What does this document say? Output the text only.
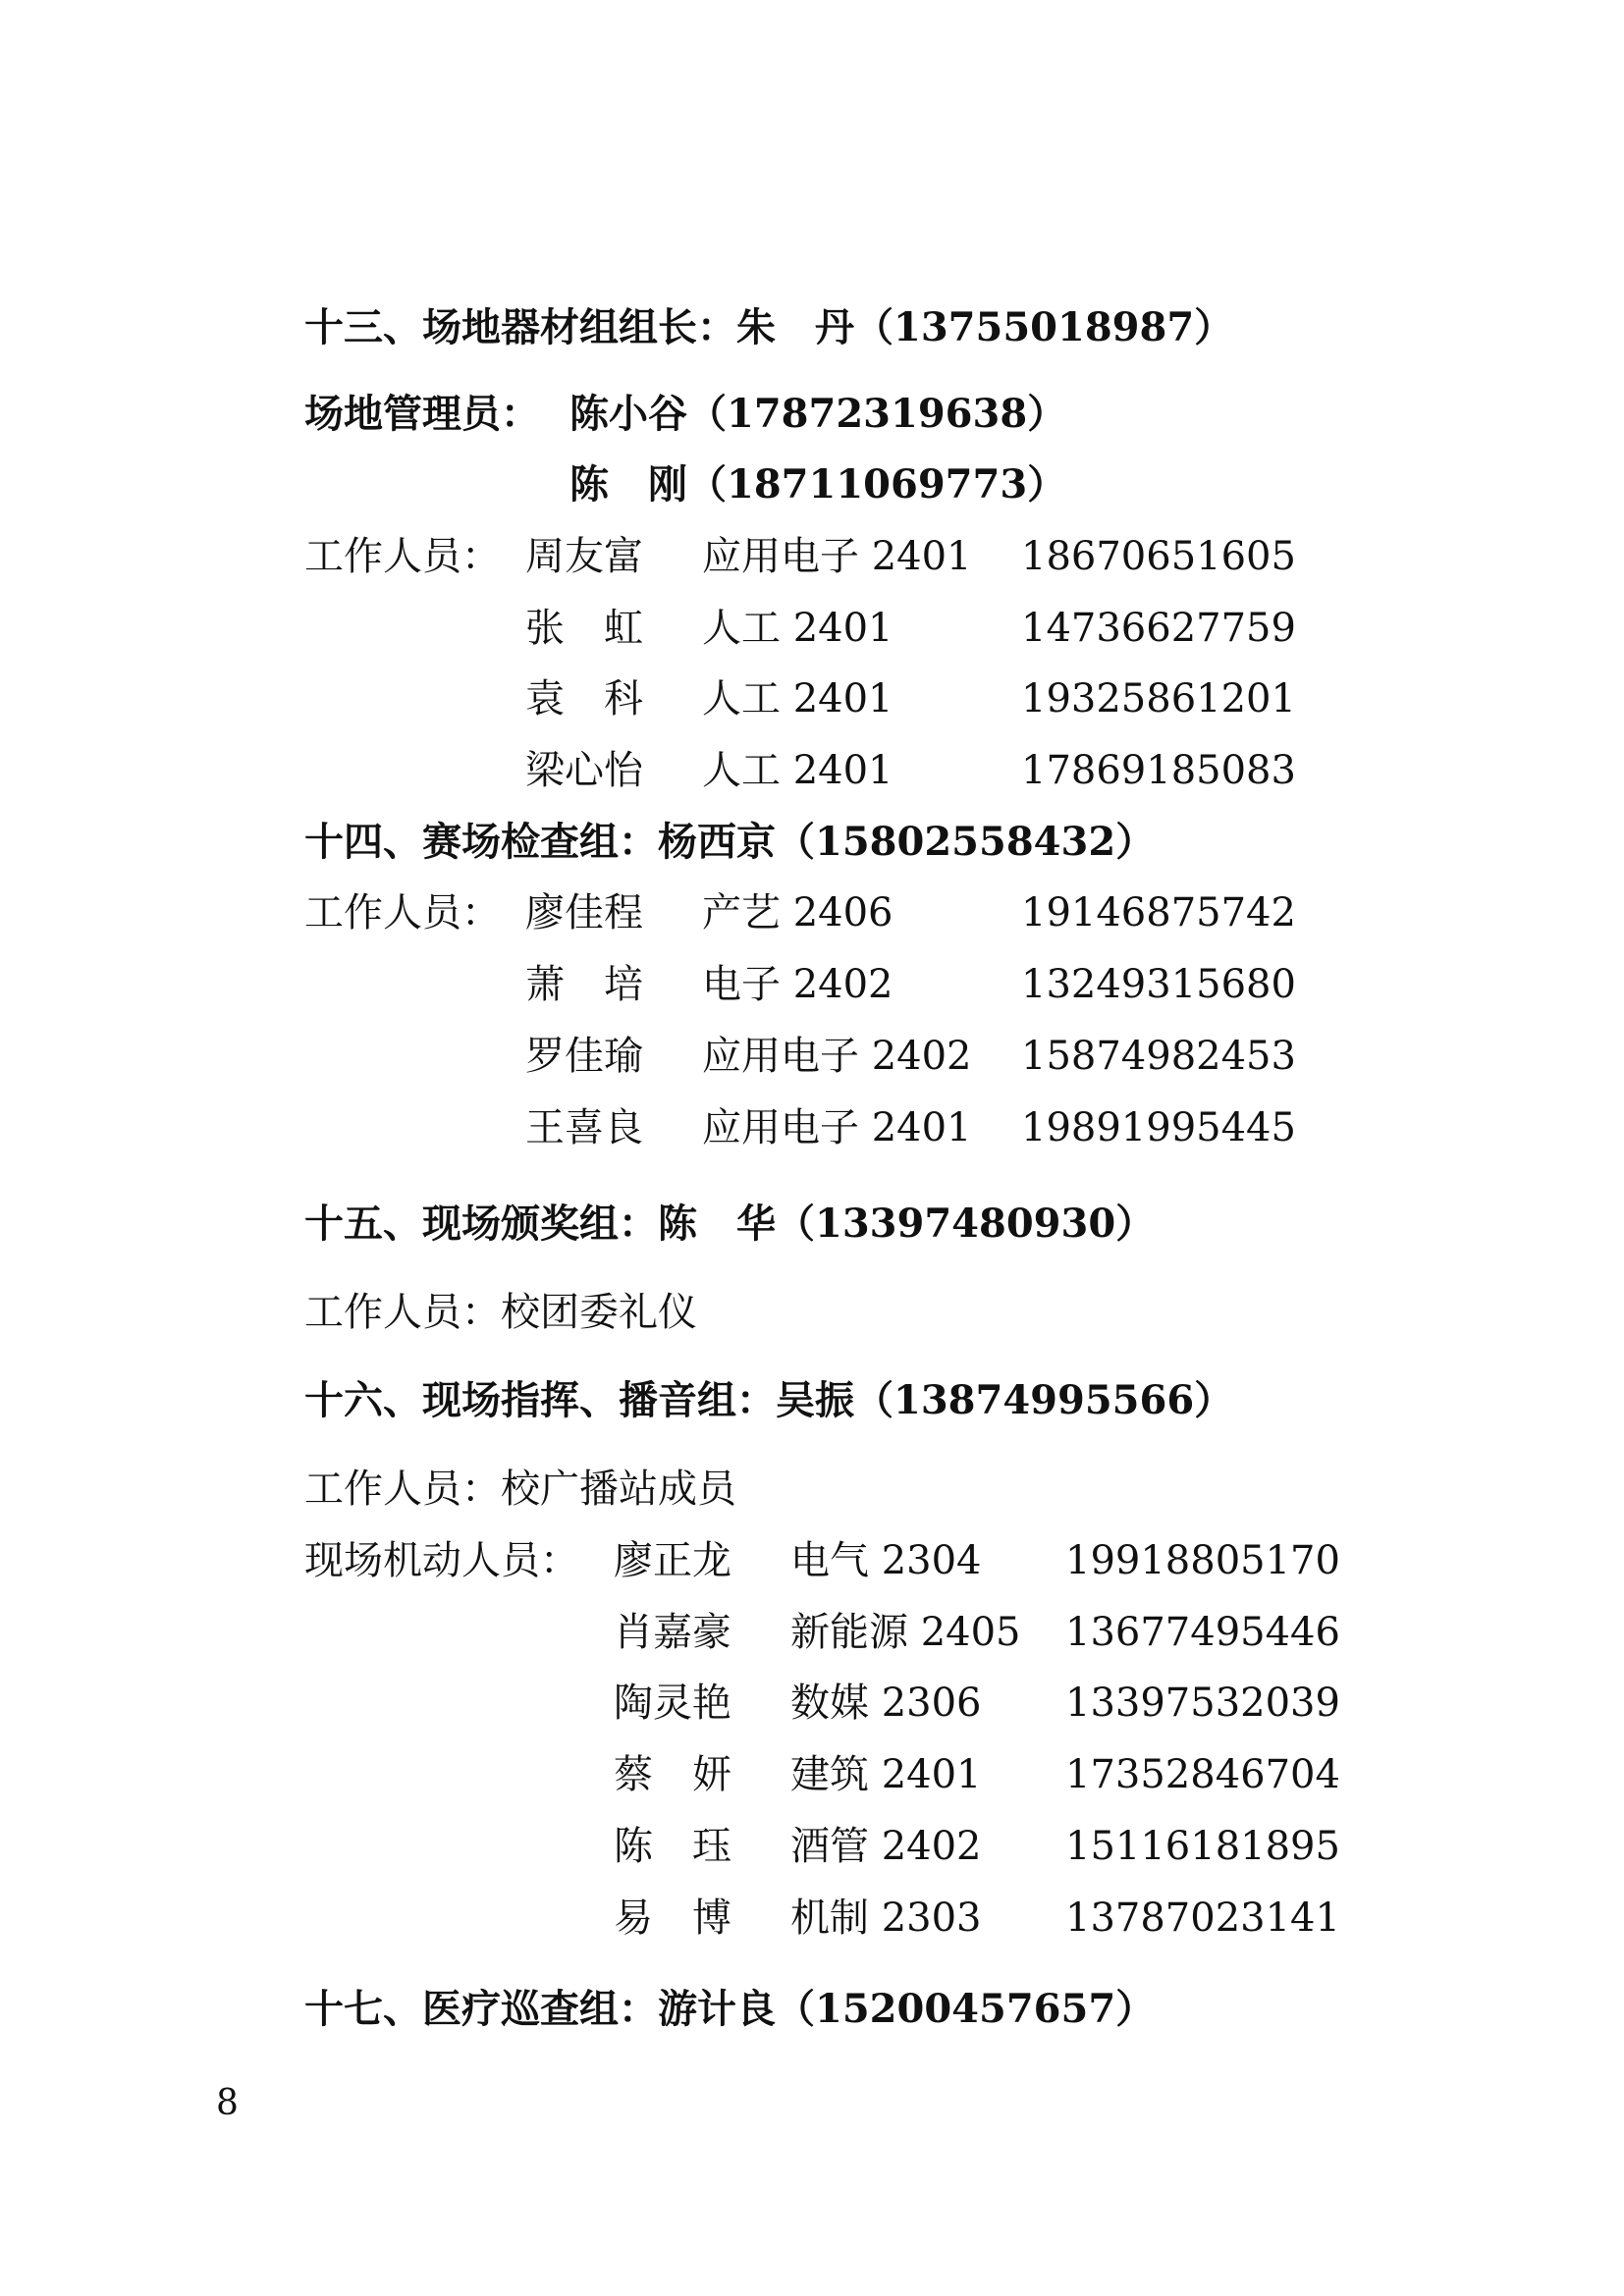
十三、场地器材组组长：朱　丹（13755018987）
场地管理员： 陈小谷（17872319638）
陈　刚（18711069773）
工作人员： 周友富 应用电子 2401 18670651605
张　虹 人工 2401	14736627759
袁　科 人工 2401	19325861201
梁心怡 人工 2401	17869185083
十四、赛场检查组：杨西京（15802558432）
工作人员： 廖佳程 产艺 2406	19146875742
萧　培 电子 2402	13249315680
罗佳瑜 应用电子 2402 15874982453
王喜良 应用电子 2401 19891995445
十五、现场颁奖组：陈　华（13397480930）
工作人员：校团委礼仪
十六、现场指挥、播音组：吴振（13874995566）
工作人员：校广播站成员
现场机动人员： 廖正龙 电气 2304 19918805170
肖嘉豪 新能源 2405 13677495446
陶灵艳 数媒 2306 13397532039
蔡　妍 建筑 2401 17352846704
陈　珏 酒管 2402 15116181895
易　博 机制 2303 13787023141
十七、医疗巡查组：游计良（15200457657）
8
